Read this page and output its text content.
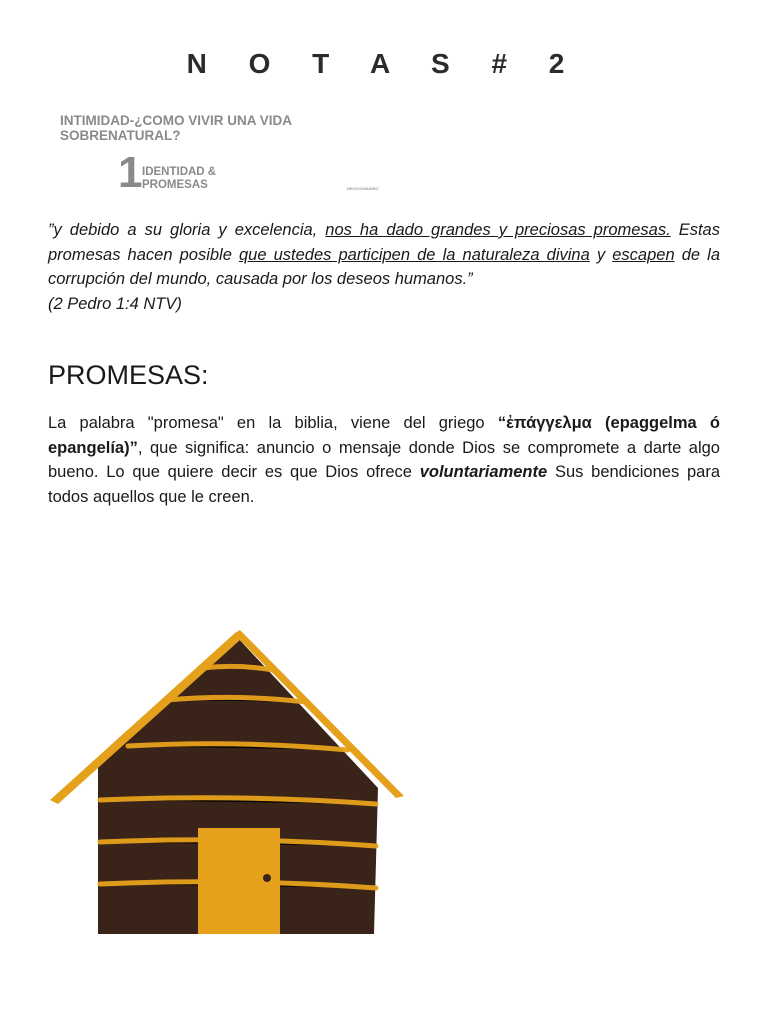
N O T A S # 2
INTIMIDAD-¿COMO VIVIR UNA VIDA SOBRENATURAL?
1 IDENTIDAD & PROMESAS	DEVOCIONARIO
”y debido a su gloria y excelencia, nos ha dado grandes y preciosas promesas. Estas promesas hacen posible que ustedes participen de la naturaleza divina y escapen de la corrupción del mundo, causada por los deseos humanos.”
(2 Pedro 1:4 NTV)
PROMESAS:
La palabra "promesa" en la biblia, viene del griego “ἐπάγγελμα (epaggelma ó epangelía)”, que significa: anuncio o mensaje donde Dios se compromete a darte algo bueno. Lo que quiere decir es que Dios ofrece voluntariamente Sus bendiciones para todos aquellos que le creen.
